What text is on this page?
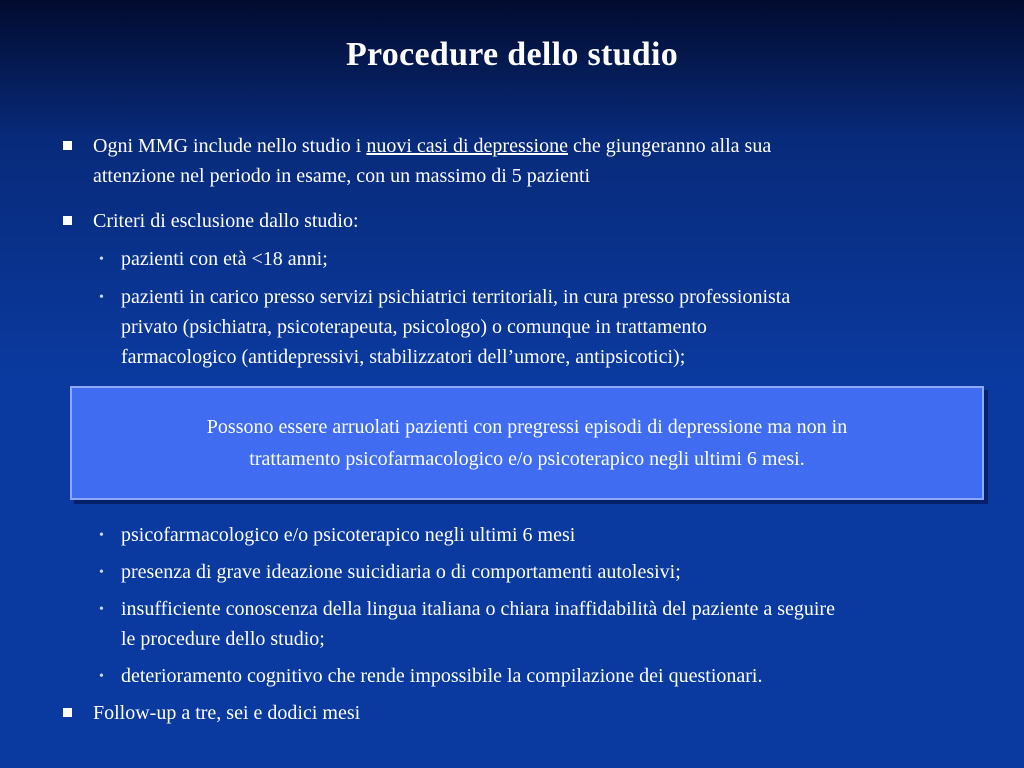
Procedure dello studio
Ogni MMG include nello studio i nuovi casi di depressione che giungeranno alla sua
attenzione nel periodo in esame, con un massimo di 5 pazienti
Criteri di esclusione dallo studio:
• pazienti con età <18 anni;
• pazienti in carico presso servizi psichiatrici territoriali, in cura presso professionista
privato (psichiatra, psicoterapeuta, psicologo) o comunque in trattamento
farmacologico (antidepressivi, stabilizzatori dell’umore, antipsicotici);
Possono essere arruolati pazienti con pregressi episodi di depressione ma non in
trattamento psicofarmacologico e/o psicoterapico negli ultimi 6 mesi.
• psicofarmacologico e/o psicoterapico negli ultimi 6 mesi
• presenza di grave ideazione suicidiaria o di comportamenti autolesivi;
• insufficiente conoscenza della lingua italiana o chiara inaffidabilità del paziente a seguire
le procedure dello studio;
• deterioramento cognitivo che rende impossibile la compilazione dei questionari.
Follow-up a tre, sei e dodici mesi
